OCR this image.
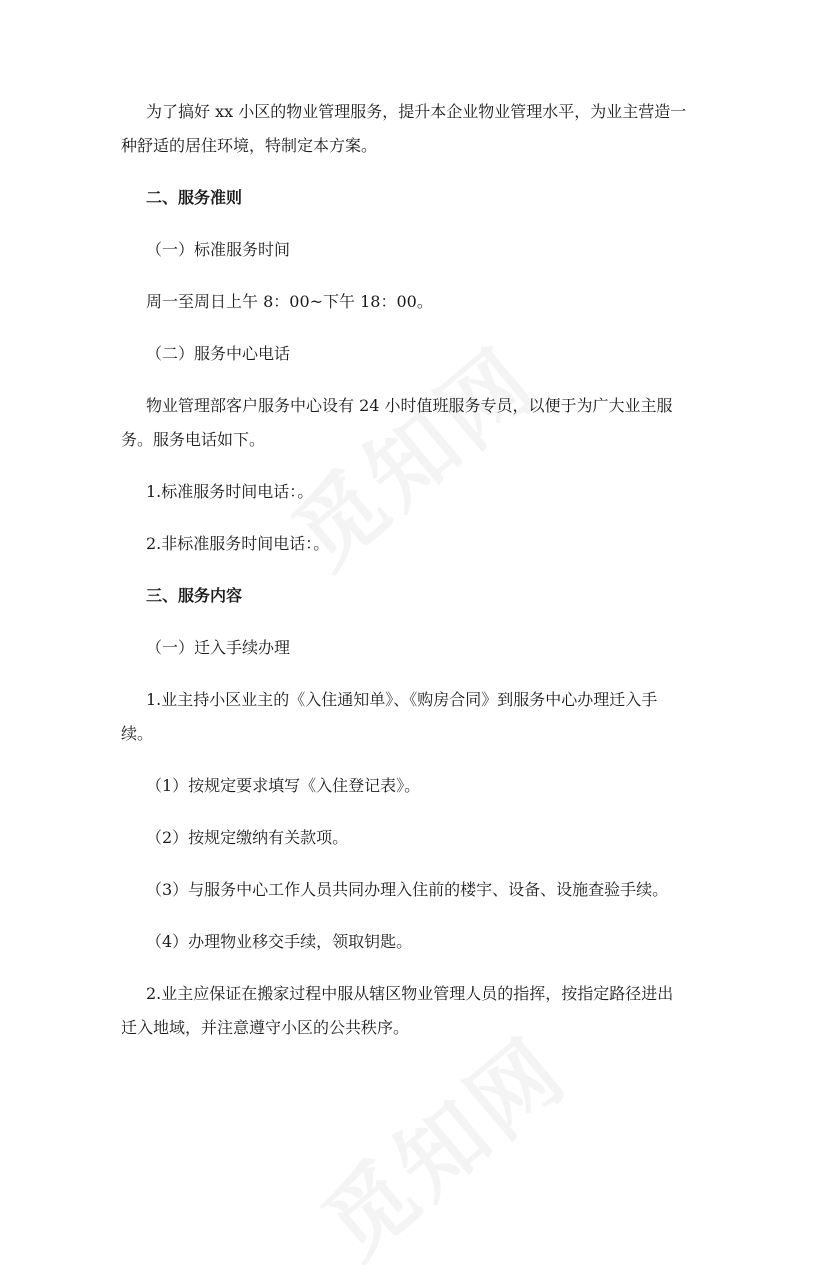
为了搞好 xx 小区的物业管理服务，提升本企业物业管理水平，为业主营造一
种舒适的居住环境，特制定本方案。
二、服务准则
（一）标准服务时间
周一至周日上午 8：00~下午 18：00。
（二）服务中心电话
物业管理部客户服务中心设有 24 小时值班服务专员，以便于为广大业主服
务。服务电话如下。
1.标准服务时间电话：。
2.非标准服务时间电话：。
三、服务内容
（一）迁入手续办理
1.业主持小区业主的《入住通知单》、《购房合同》到服务中心办理迁入手
续。
（1）按规定要求填写《入住登记表》。
（2）按规定缴纳有关款项。
（3）与服务中心工作人员共同办理入住前的楼宇、设备、设施查验手续。
（4）办理物业移交手续，领取钥匙。
2.业主应保证在搬家过程中服从辖区物业管理人员的指挥，按指定路径进出
迁入地域，并注意遵守小区的公共秩序。
